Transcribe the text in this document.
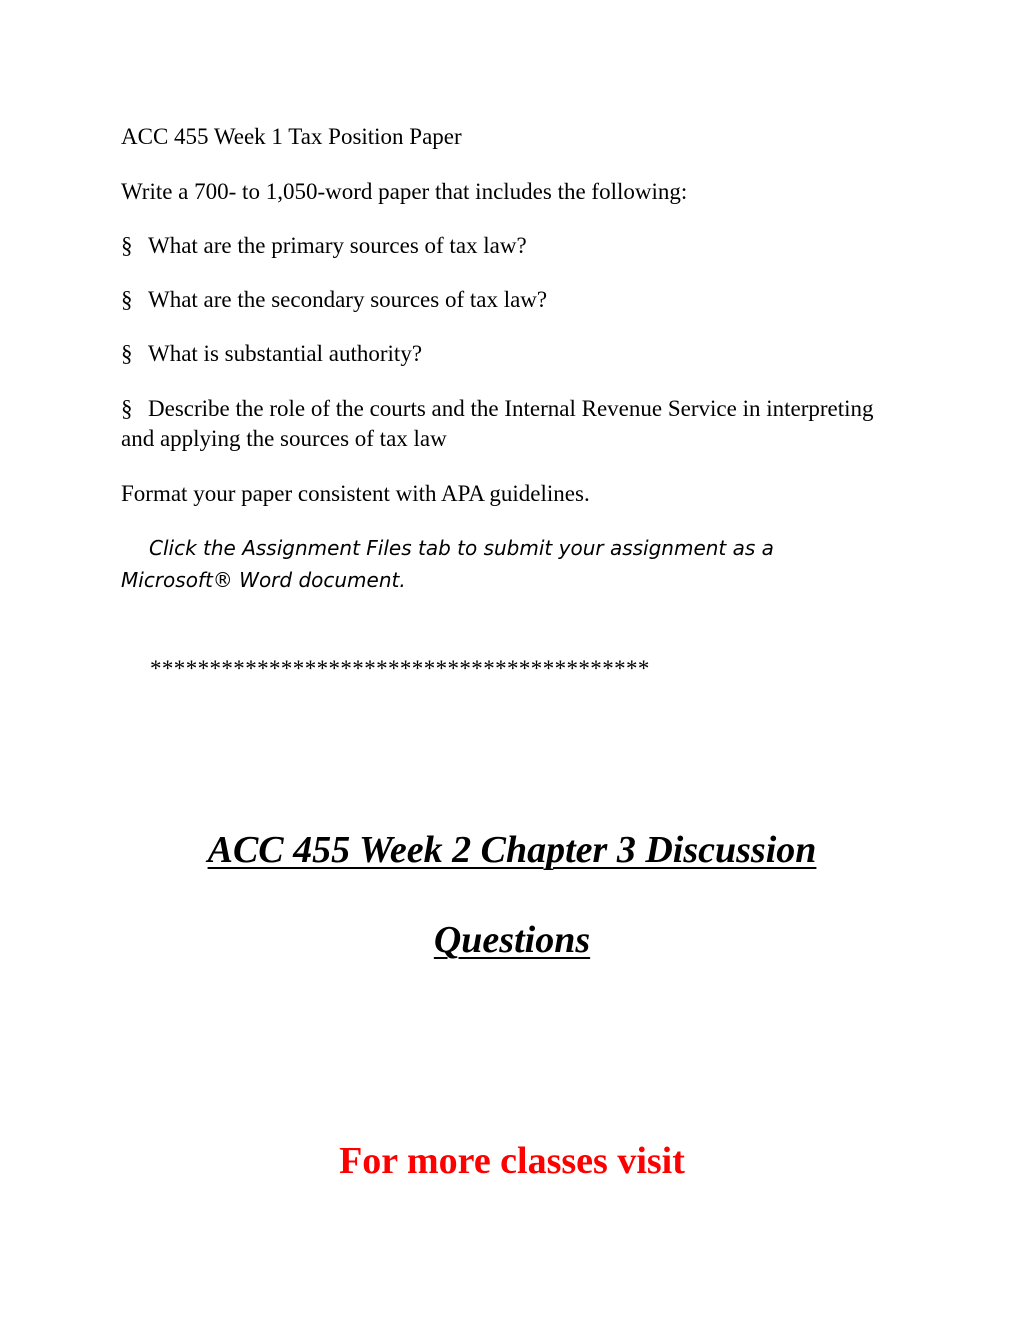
ACC 455 Week 1 Tax Position Paper
Write a 700- to 1,050-word paper that includes the following:
§ What are the primary sources of tax law?
§ What are the secondary sources of tax law?
§ What is substantial authority?
§ Describe the role of the courts and the Internal Revenue Service in interpreting and applying the sources of tax law
Format your paper consistent with APA guidelines.
Click the Assignment Files tab to submit your assignment as a Microsoft® Word document.
******************************************
ACC 455 Week 2 Chapter 3 Discussion
Questions
For more classes visit
